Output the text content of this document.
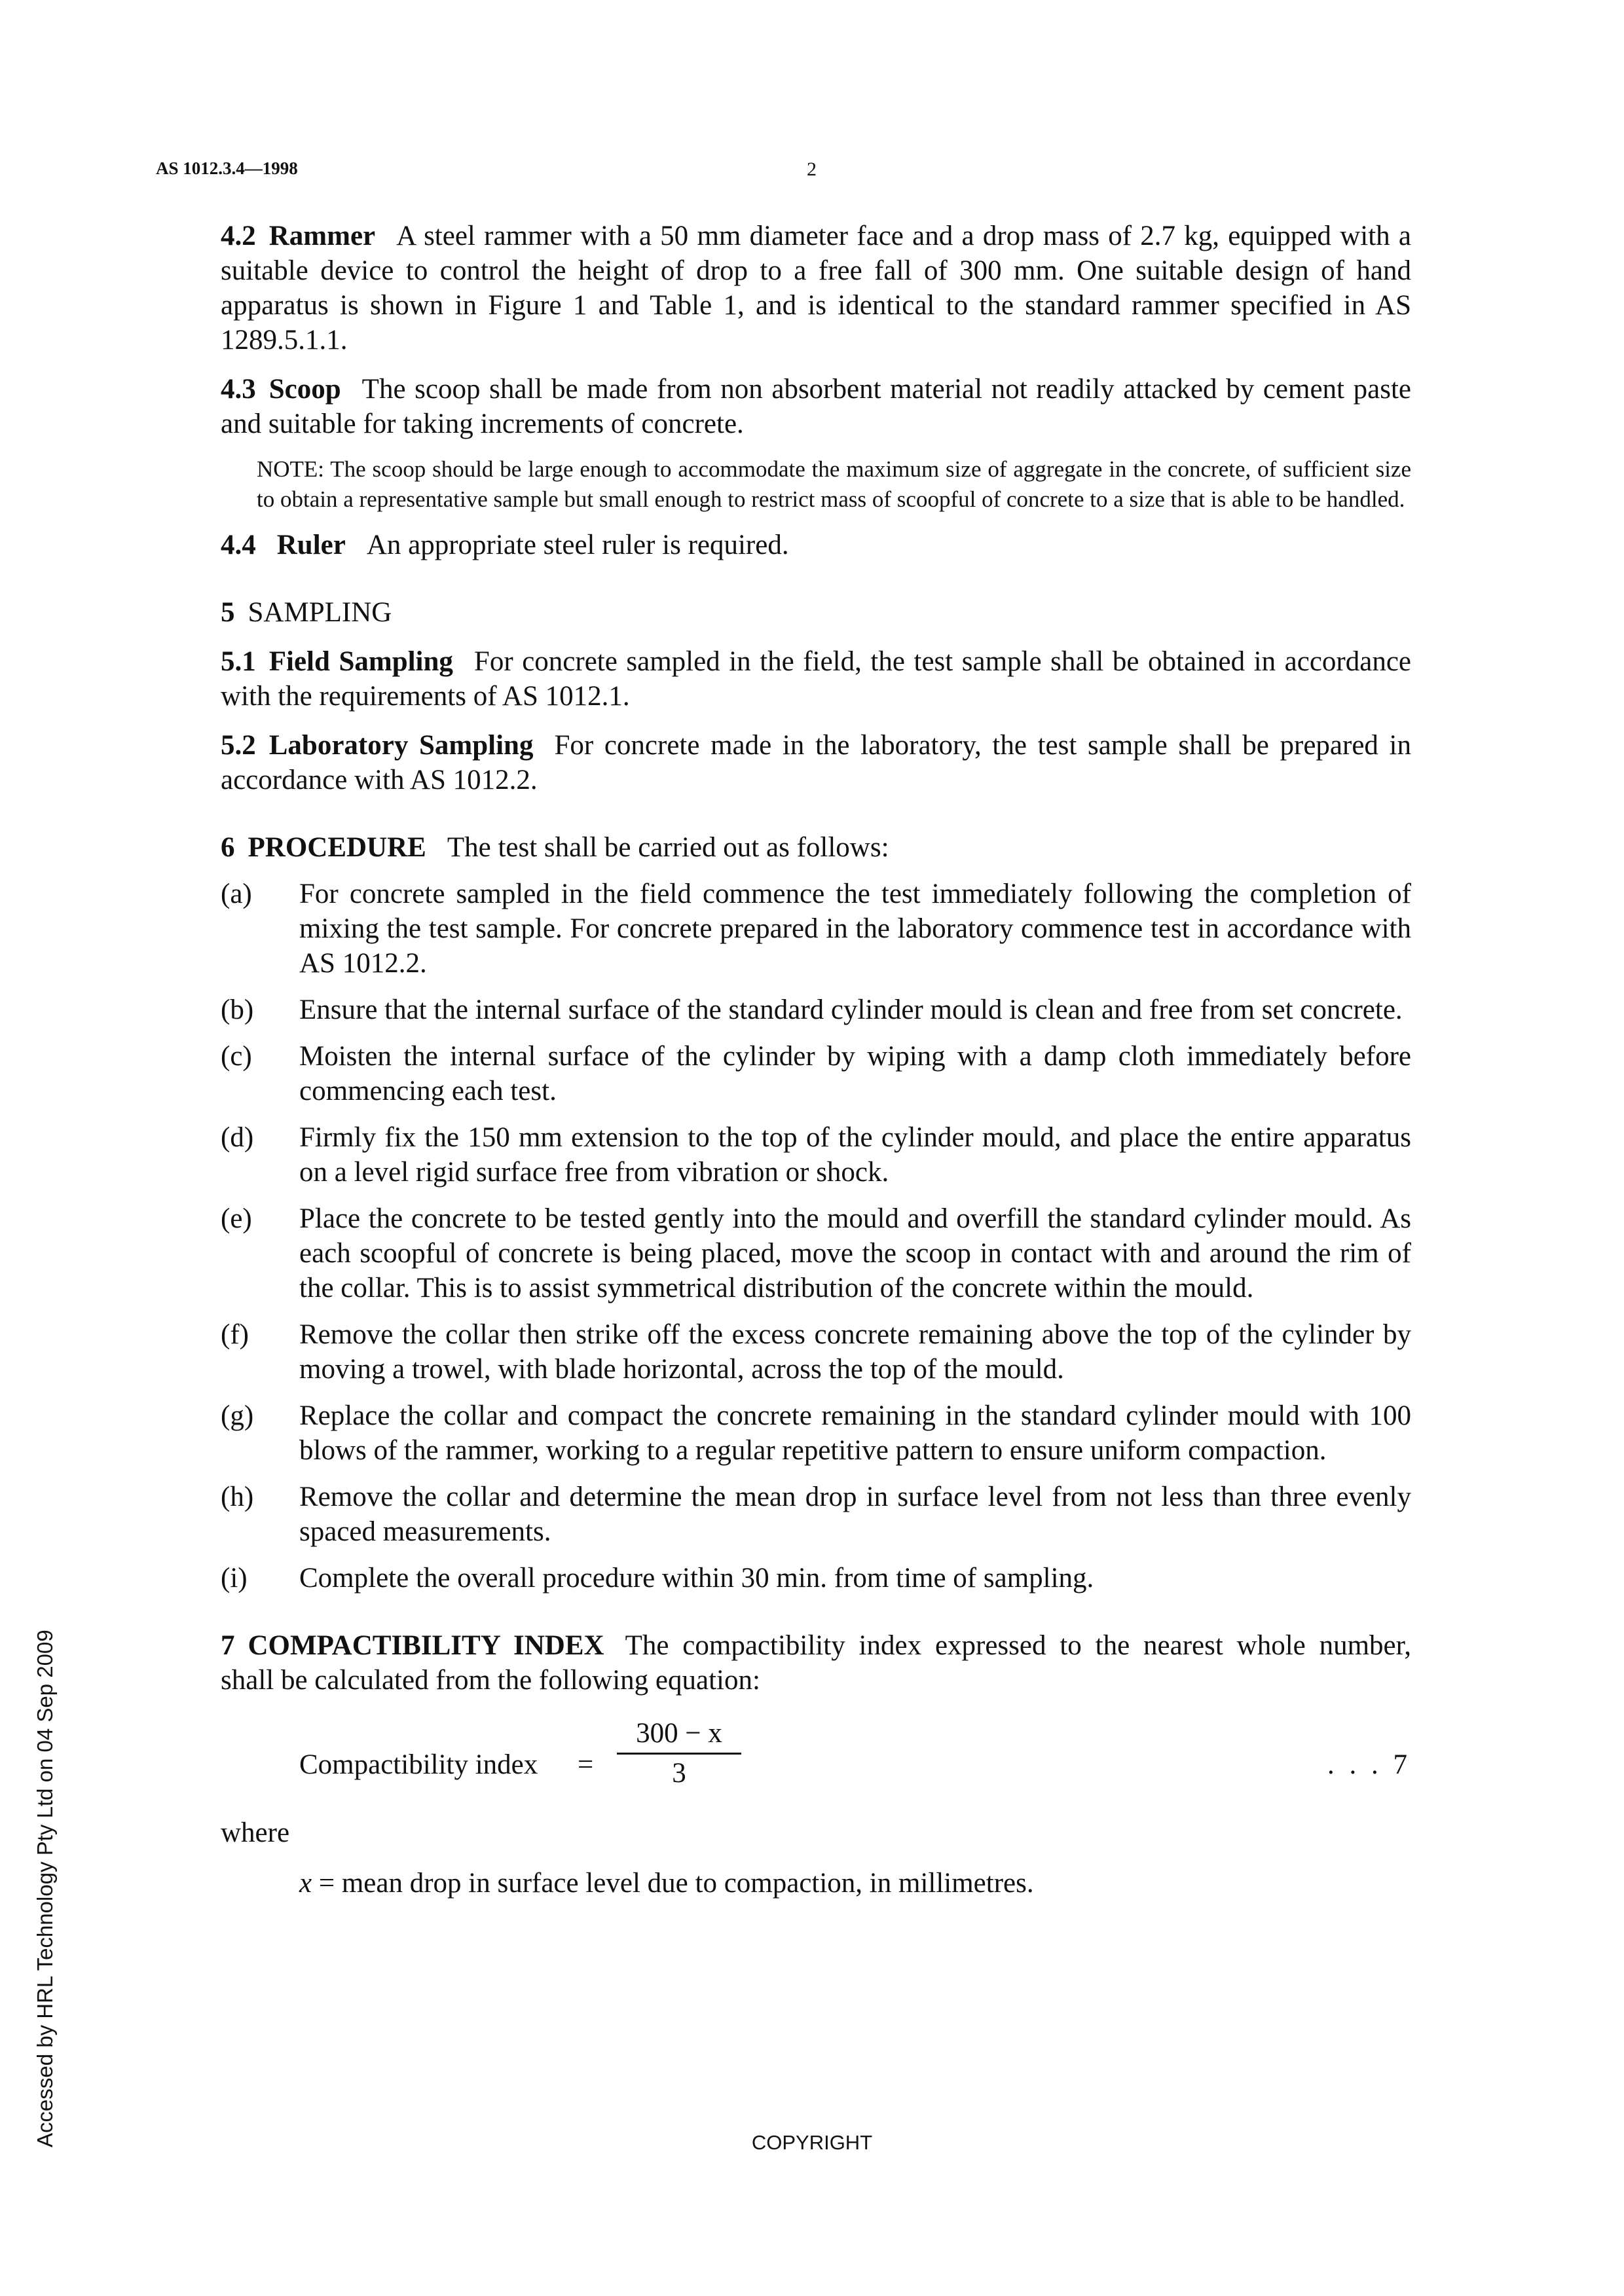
AS 1012.3.4—1998	2

4.2 Rammer A steel rammer with a 50 mm diameter face and a drop mass of 2.7 kg, equipped with a suitable device to control the height of drop to a free fall of 300 mm. One suitable design of hand apparatus is shown in Figure 1 and Table 1, and is identical to the standard rammer specified in AS 1289.5.1.1.

4.3 Scoop The scoop shall be made from non absorbent material not readily attacked by cement paste and suitable for taking increments of concrete.

NOTE: The scoop should be large enough to accommodate the maximum size of aggregate in the concrete, of sufficient size to obtain a representative sample but small enough to restrict mass of scoopful of concrete to a size that is able to be handled.

4.4 Ruler An appropriate steel ruler is required.

5 SAMPLING

5.1 Field Sampling For concrete sampled in the field, the test sample shall be obtained in accordance with the requirements of AS 1012.1.

5.2 Laboratory Sampling For concrete made in the laboratory, the test sample shall be prepared in accordance with AS 1012.2.

6 PROCEDURE The test shall be carried out as follows:

(a)	For concrete sampled in the field commence the test immediately following the completion of mixing the test sample. For concrete prepared in the laboratory commence test in accordance with AS 1012.2.
(b)	Ensure that the internal surface of the standard cylinder mould is clean and free from set concrete.
(c)	Moisten the internal surface of the cylinder by wiping with a damp cloth immediately before commencing each test.
(d)	Firmly fix the 150 mm extension to the top of the cylinder mould, and place the entire apparatus on a level rigid surface free from vibration or shock.
(e)	Place the concrete to be tested gently into the mould and overfill the standard cylinder mould. As each scoopful of concrete is being placed, move the scoop in contact with and around the rim of the collar. This is to assist symmetrical distribution of the concrete within the mould.
(f)	Remove the collar then strike off the excess concrete remaining above the top of the cylinder by moving a trowel, with blade horizontal, across the top of the mould.
(g)	Replace the collar and compact the concrete remaining in the standard cylinder mould with 100 blows of the rammer, working to a regular repetitive pattern to ensure uniform compaction.
(h)	Remove the collar and determine the mean drop in surface level from not less than three evenly spaced measurements.
(i)	Complete the overall procedure within 30 min. from time of sampling.

7 COMPACTIBILITY INDEX The compactibility index expressed to the nearest whole number, shall be calculated from the following equation:

Compactibility index =
300 − x
3	. . . 7

where

x = mean drop in surface level due to compaction, in millimetres.

COPYRIGHT
Accessed by HRL Technology Pty Ltd on 04 Sep 2009
